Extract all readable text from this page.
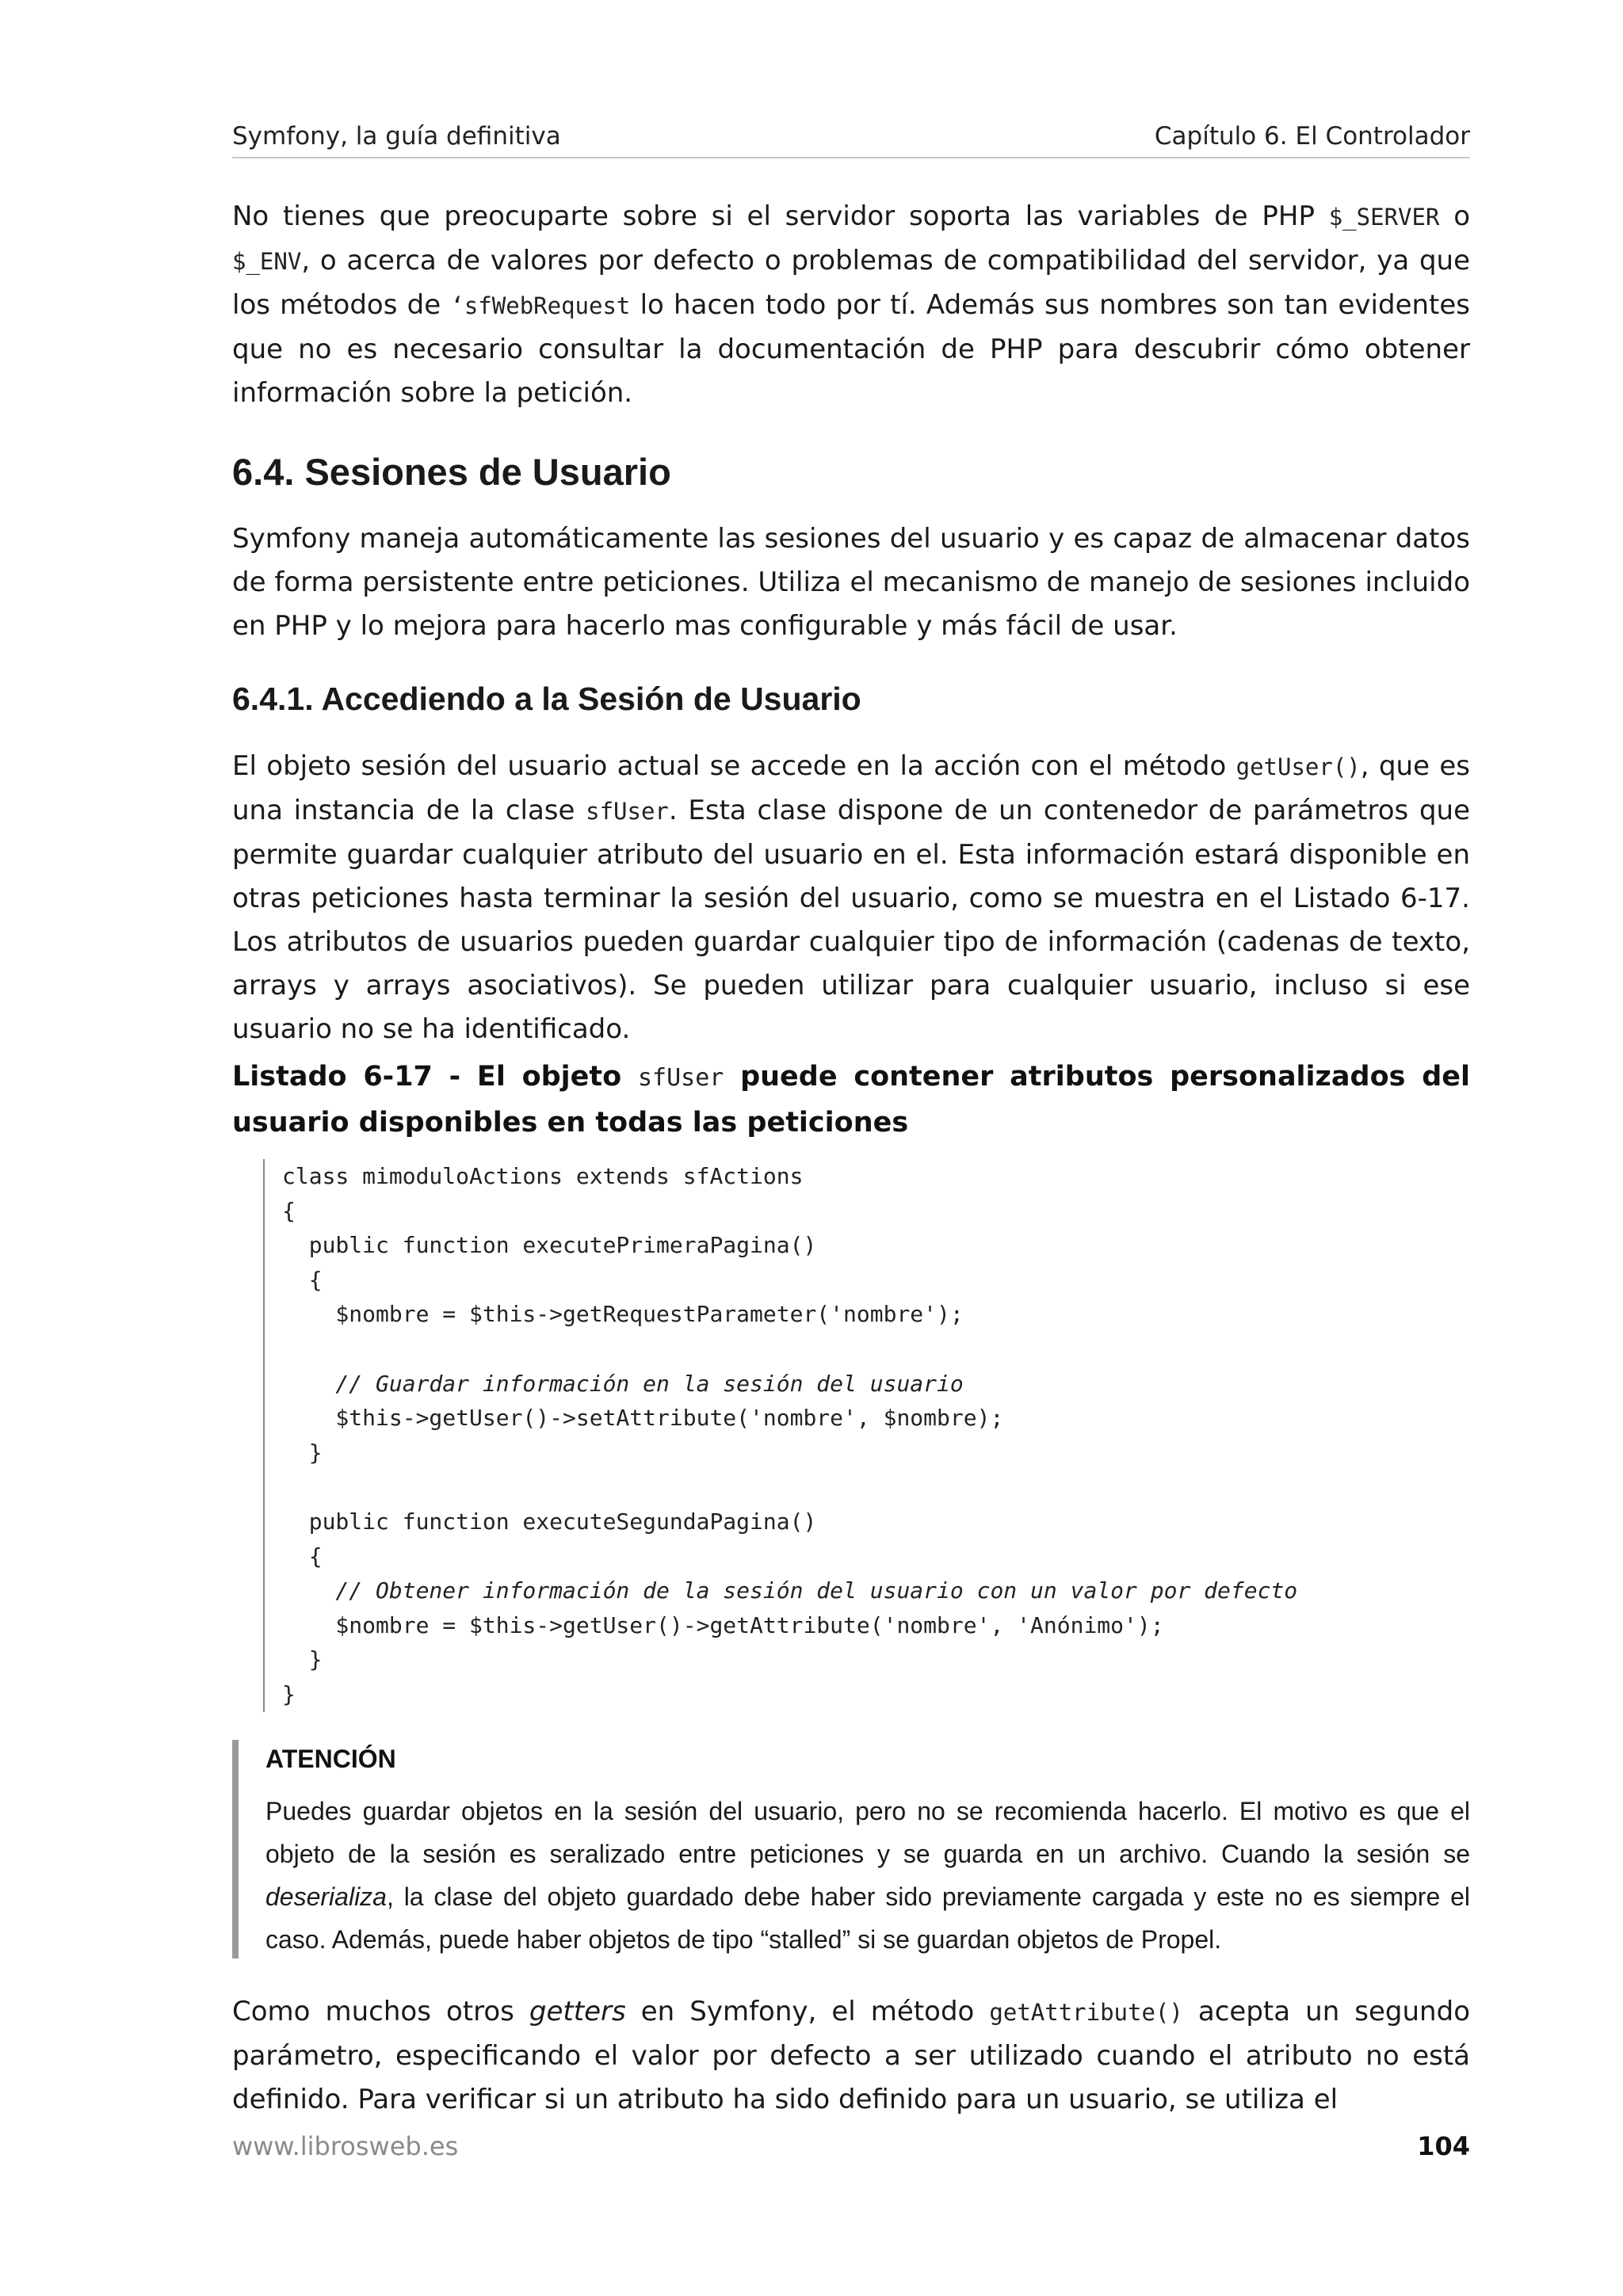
Symfony, la guía definitiva	Capítulo 6. El Controlador

No tienes que preocuparte sobre si el servidor soporta las variables de PHP $_SERVER o $_ENV, o acerca de valores por defecto o problemas de compatibilidad del servidor, ya que los métodos de ‘sfWebRequest lo hacen todo por tí. Además sus nombres son tan evidentes que no es necesario consultar la documentación de PHP para descubrir cómo obtener información sobre la petición.

6.4. Sesiones de Usuario

Symfony maneja automáticamente las sesiones del usuario y es capaz de almacenar datos de forma persistente entre peticiones. Utiliza el mecanismo de manejo de sesiones incluido en PHP y lo mejora para hacerlo mas configurable y más fácil de usar.

6.4.1. Accediendo a la Sesión de Usuario

El objeto sesión del usuario actual se accede en la acción con el método getUser(), que es una instancia de la clase sfUser. Esta clase dispone de un contenedor de parámetros que permite guardar cualquier atributo del usuario en el. Esta información estará disponible en otras peticiones hasta terminar la sesión del usuario, como se muestra en el Listado 6-17. Los atributos de usuarios pueden guardar cualquier tipo de información (cadenas de texto, arrays y arrays asociativos). Se pueden utilizar para cualquier usuario, incluso si ese usuario no se ha identificado.

Listado 6-17 - El objeto sfUser puede contener atributos personalizados del usuario disponibles en todas las peticiones

class mimoduloActions extends sfActions
{
public function executePrimeraPagina()
{
$nombre = $this->getRequestParameter('nombre');
// Guardar información en la sesión del usuario
$this->getUser()->setAttribute('nombre', $nombre);
}
public function executeSegundaPagina()
{
// Obtener información de la sesión del usuario con un valor por defecto
$nombre = $this->getUser()->getAttribute('nombre', 'Anónimo');
}
}
ATENCIÓN
Puedes guardar objetos en la sesión del usuario, pero no se recomienda hacerlo. El motivo es que el objeto de la sesión es seralizado entre peticiones y se guarda en un archivo. Cuando la sesión se deserializa, la clase del objeto guardado debe haber sido previamente cargada y este no es siempre el caso. Además, puede haber objetos de tipo “stalled” si se guardan objetos de Propel.

Como muchos otros getters en Symfony, el método getAttribute() acepta un segundo parámetro, especificando el valor por defecto a ser utilizado cuando el atributo no está definido. Para verificar si un atributo ha sido definido para un usuario, se utiliza el

www.librosweb.es	104
